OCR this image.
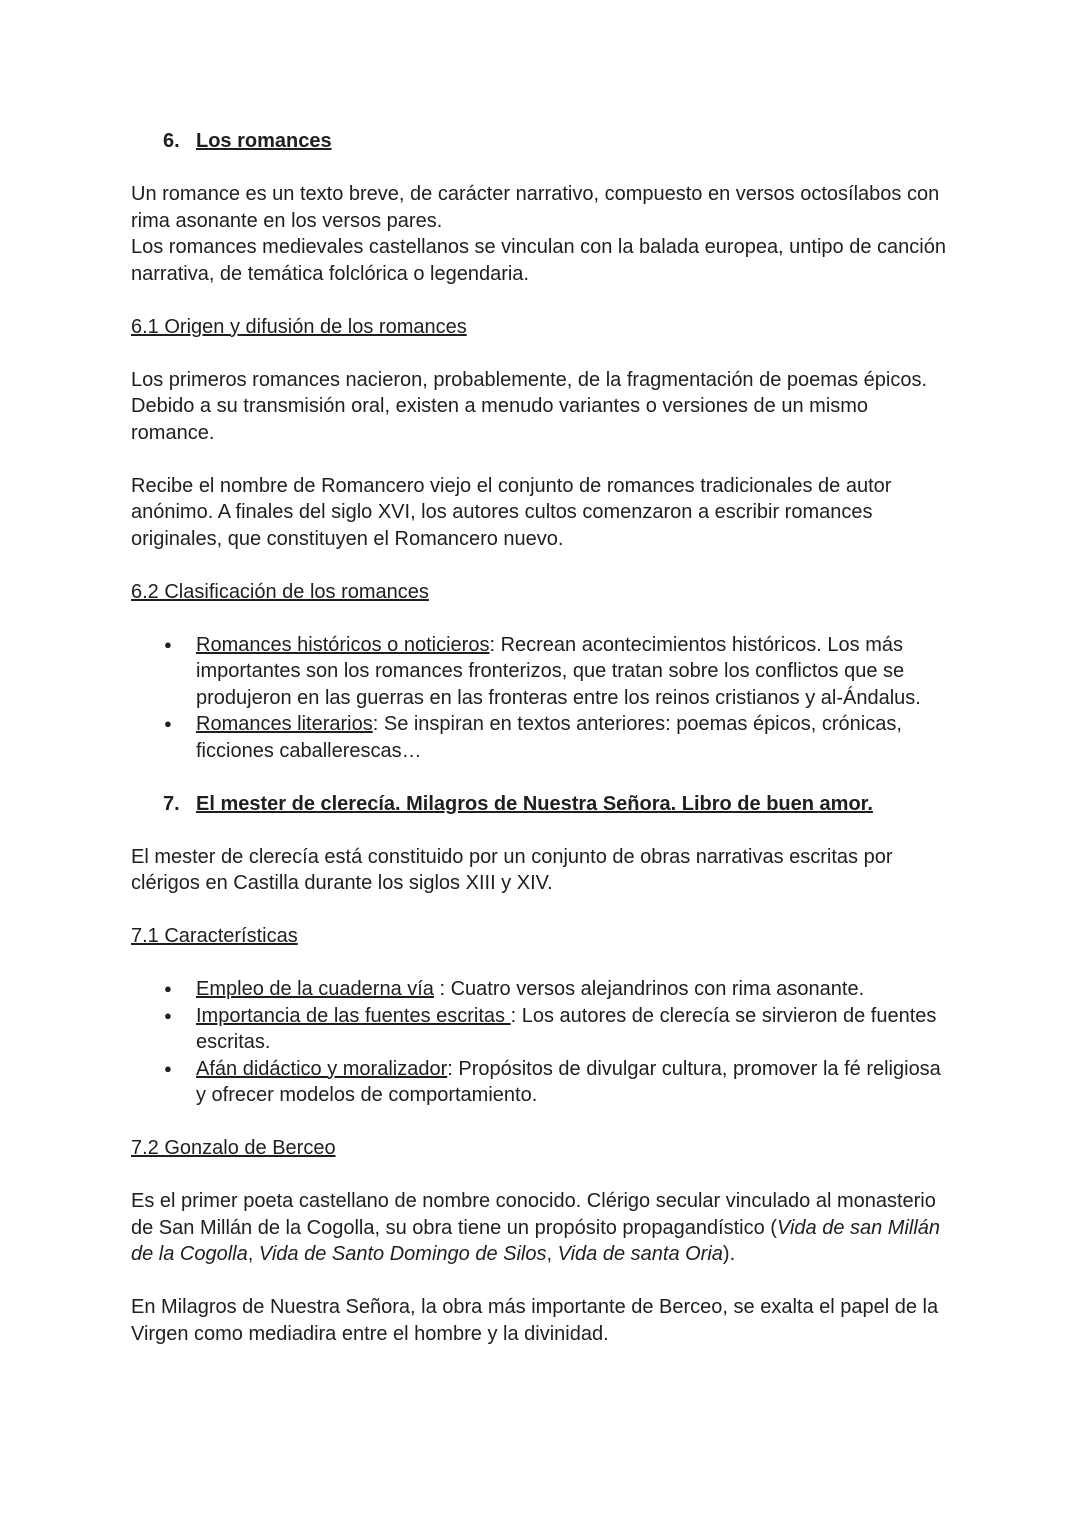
6. Los romances

Un romance es un texto breve, de carácter narrativo, compuesto en versos octosílabos con rima asonante en los versos pares.

Los romances medievales castellanos se vinculan con la balada europea, untipo de canción narrativa, de temática folclórica o legendaria.

6.1 Origen y difusión de los romances

Los primeros romances nacieron, probablemente, de la fragmentación de poemas épicos. Debido a su transmisión oral, existen a menudo variantes o versiones de un mismo romance.

Recibe el nombre de Romancero viejo el conjunto de romances tradicionales de autor anónimo. A finales del siglo XVI, los autores cultos comenzaron a escribir romances originales, que constituyen el Romancero nuevo.

6.2 Clasificación de los romances

● Romances históricos o noticieros: Recrean acontecimientos históricos. Los más importantes son los romances fronterizos, que tratan sobre los conflictos que se produjeron en las guerras en las fronteras entre los reinos cristianos y al-Ándalus.
● Romances literarios: Se inspiran en textos anteriores: poemas épicos, crónicas, ficciones caballerescas…

7. El mester de clerecía. Milagros de Nuestra Señora. Libro de buen amor.

El mester de clerecía está constituido por un conjunto de obras narrativas escritas por clérigos en Castilla durante los siglos XIII y XIV.

7.1 Características

● Empleo de la cuaderna vía : Cuatro versos alejandrinos con rima asonante.
● Importancia de las fuentes escritas : Los autores de clerecía se sirvieron de fuentes escritas.
● Afán didáctico y moralizador: Propósitos de divulgar cultura, promover la fé religiosa y ofrecer modelos de comportamiento.

7.2 Gonzalo de Berceo

Es el primer poeta castellano de nombre conocido. Clérigo secular vinculado al monasterio de San Millán de la Cogolla, su obra tiene un propósito propagandístico (Vida de san Millán de la Cogolla, Vida de Santo Domingo de Silos, Vida de santa Oria).

En Milagros de Nuestra Señora, la obra más importante de Berceo, se exalta el papel de la Virgen como mediadira entre el hombre y la divinidad.
